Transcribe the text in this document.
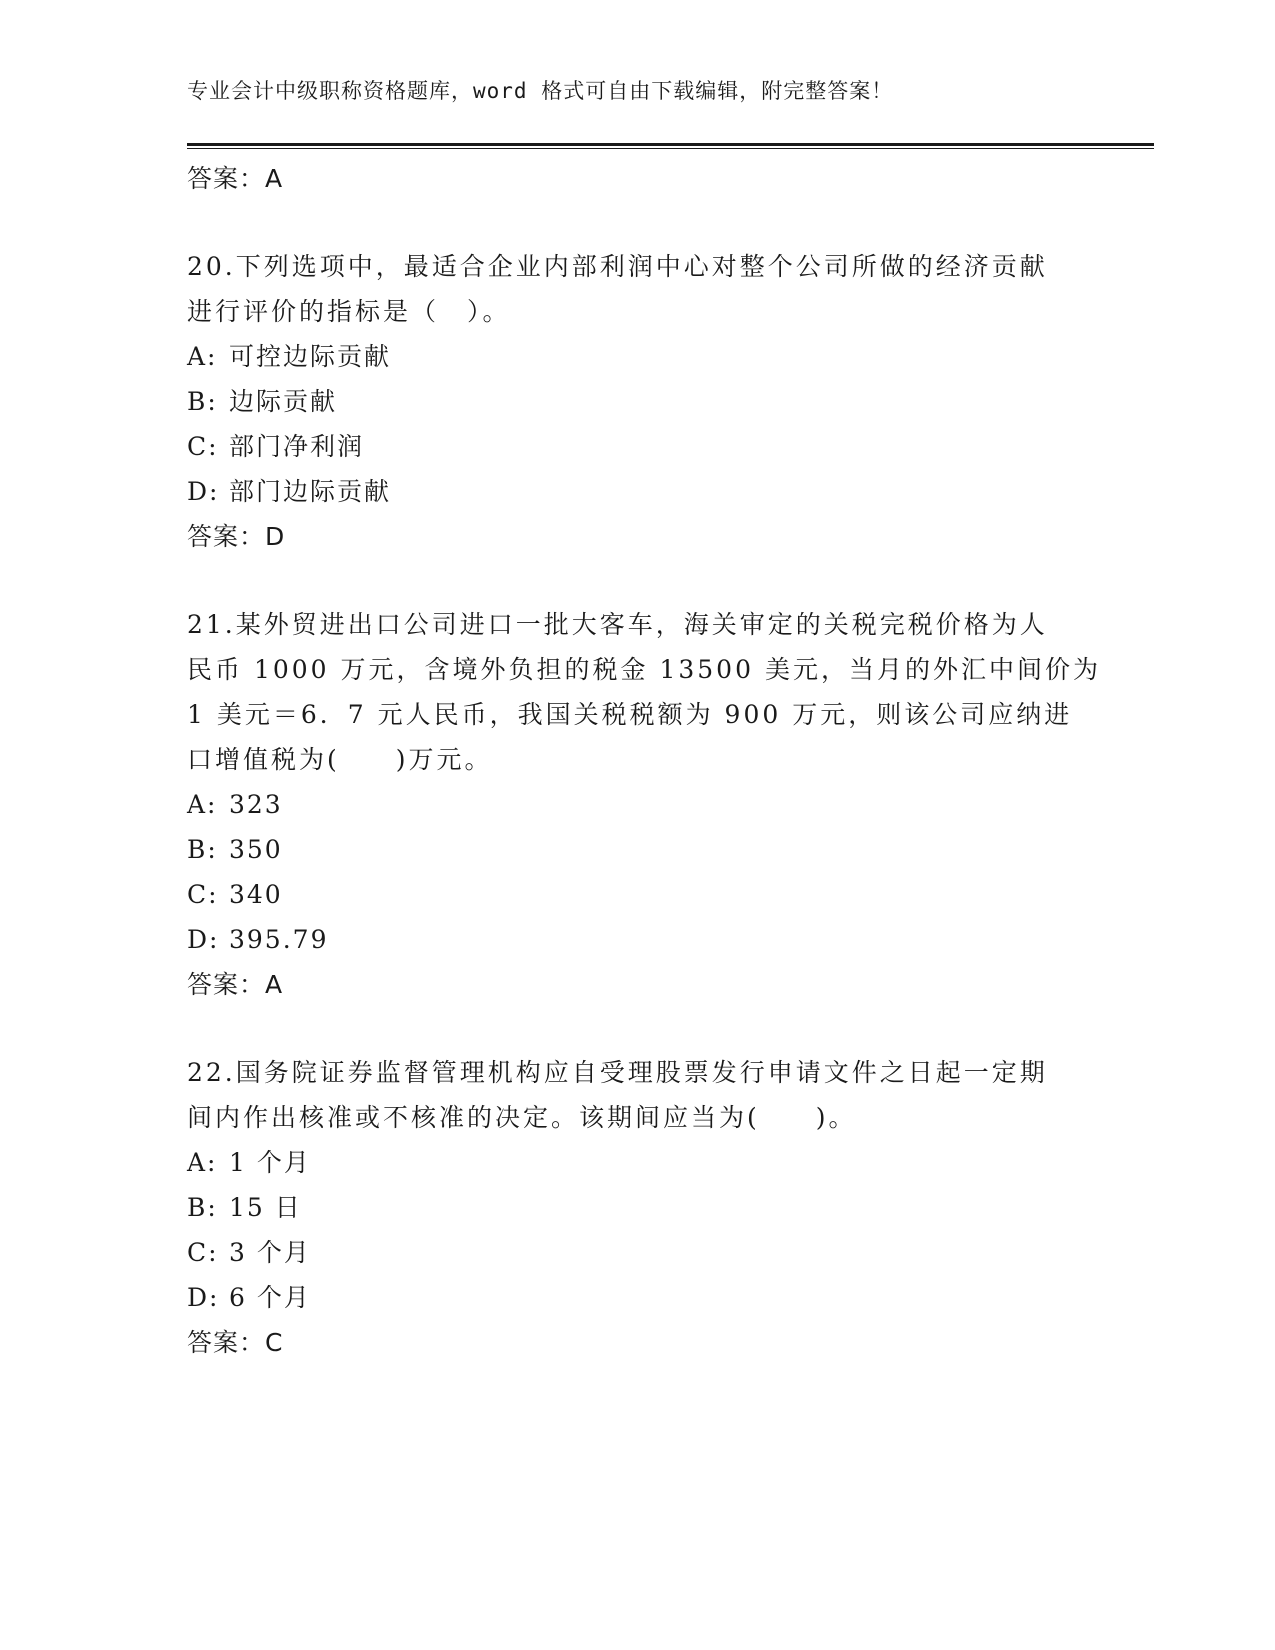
专业会计中级职称资格题库，word 格式可自由下载编辑，附完整答案！
答案：A
20.下列选项中，最适合企业内部利润中心对整个公司所做的经济贡献
进行评价的指标是（　）。
A: 可控边际贡献
B: 边际贡献
C: 部门净利润
D: 部门边际贡献
答案：D
21.某外贸进出口公司进口一批大客车，海关审定的关税完税价格为人
民币 1000 万元，含境外负担的税金 13500 美元，当月的外汇中间价为
1 美元＝6．7 元人民币，我国关税税额为 900 万元，则该公司应纳进
口增值税为(　　)万元。
A: 323
B: 350
C: 340
D: 395.79
答案：A
22.国务院证券监督管理机构应自受理股票发行申请文件之日起一定期
间内作出核准或不核准的决定。该期间应当为(　　)。
A: 1 个月
B: 15 日
C: 3 个月
D: 6 个月
答案：C
